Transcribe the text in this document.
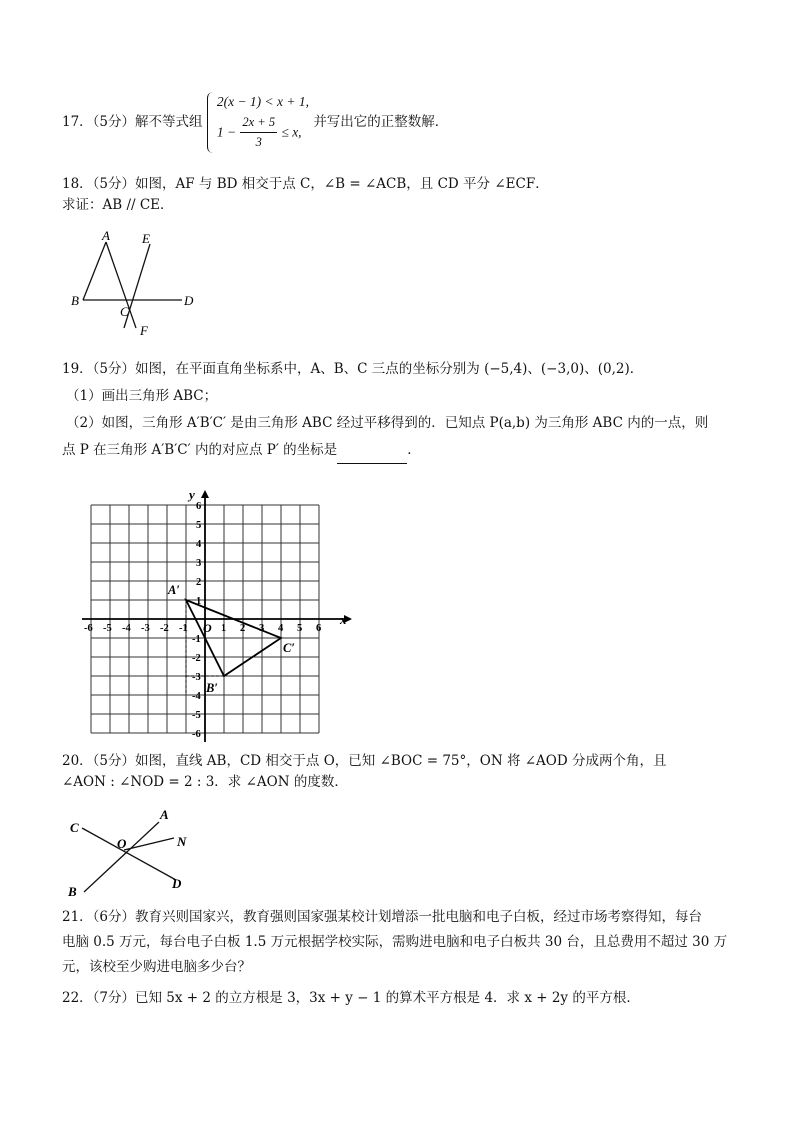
17．（5分）解不等式组
2(x − 1) < x + 1,
$1 - \frac{2x + 5}{3} \le x$,
并写出它的正整数解．
18．（5分）如图，AF 与 BD 相交于点 C，∠B = ∠ACB，且 CD 平分 ∠ECF．
求证：AB // CE．
A E
B	D
C
F
19．（5分）如图，在平面直角坐标系中，A、B、C 三点的坐标分别为 (−5,4)、(−3,0)、(0,2)．
（1）画出三角形 ABC；
（2）如图，三角形 A′B′C′ 是由三角形 ABC 经过平移得到的．已知点 P(a,b) 为三角形 ABC 内的一点，则
点 P 在三角形 A′B′C′ 内的对应点 P′ 的坐标是	．
x
y
O
-6 -5 -4 -3 -2 -1	1 2 3 4 5 6
6
5
4
3
2
1
-1
-2
-3
-4
-5
-6
A′
B′
C′
20．（5分）如图，直线 AB，CD 相交于点 O，已知 ∠BOC = 75°，ON 将 ∠AOD 分成两个角，且
∠AON : ∠NOD = 2 : 3．求 ∠AON 的度数．
C
A
O	N
B
D
21．（6分）教育兴则国家兴，教育强则国家强某校计划增添一批电脑和电子白板，经过市场考察得知，每台
电脑 0.5 万元，每台电子白板 1.5 万元根据学校实际，需购进电脑和电子白板共 30 台，且总费用不超过 30 万
元，该校至少购进电脑多少台？
22．（7分）已知 5x + 2 的立方根是 3，3x + y − 1 的算术平方根是 4．求 x + 2y 的平方根．
